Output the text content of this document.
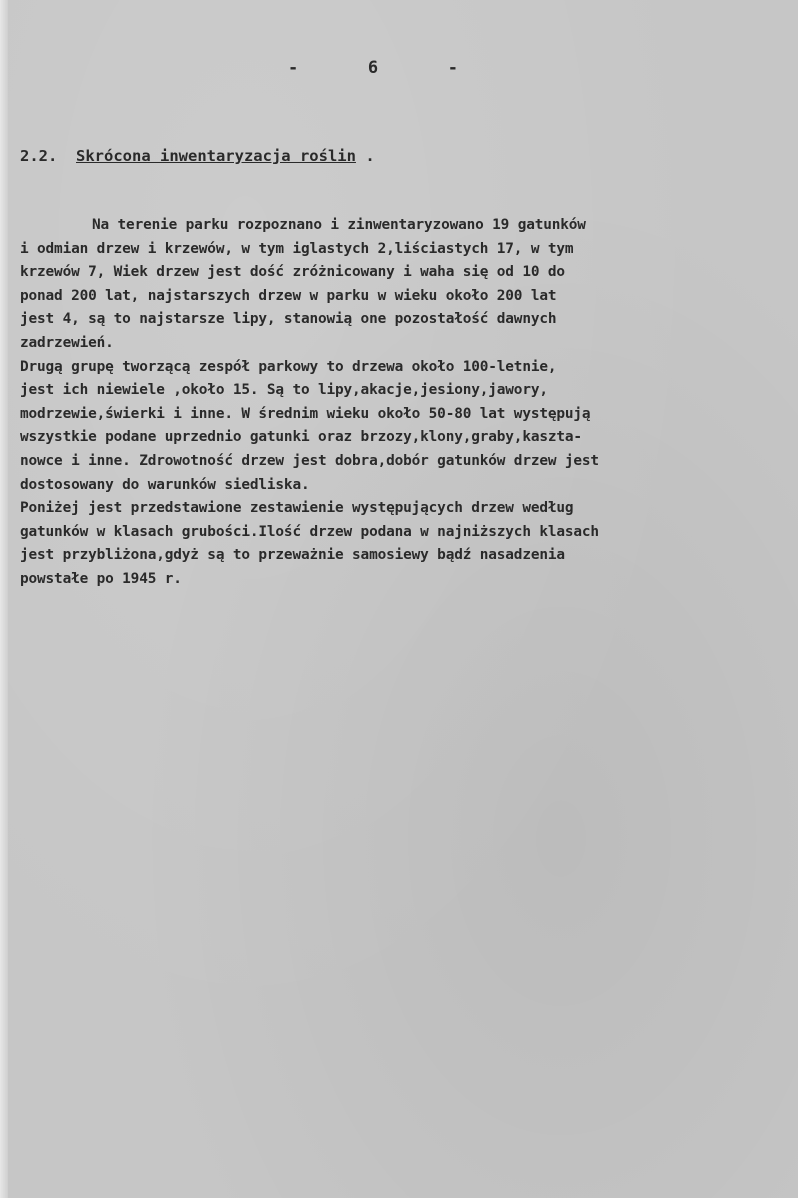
-	6	-
2.2. Skrócona inwentaryzacja roślin .
Na terenie parku rozpoznano i zinwentaryzowano 19 gatunków
i odmian drzew i krzewów, w tym iglastych 2,liściastych 17, w tym
krzewów 7, Wiek drzew jest dość zróżnicowany i waha się od 10 do
ponad 200 lat, najstarszych drzew w parku w wieku około 200 lat
jest 4, są to najstarsze lipy, stanowią one pozostałość dawnych
zadrzewień.
Drugą grupę tworzącą zespół parkowy to drzewa około 100-letnie,
jest ich niewiele ,około 15. Są to lipy,akacje,jesiony,jawory,
modrzewie,świerki i inne. W średnim wieku około 50-80 lat występują
wszystkie podane uprzednio gatunki oraz brzozy,klony,graby,kaszta-
nowce i inne. Zdrowotność drzew jest dobra,dobór gatunków drzew jest
dostosowany do warunków siedliska.
Poniżej jest przedstawione zestawienie występujących drzew według
gatunków w klasach grubości.Ilość drzew podana w najniższych klasach
jest przybliżona,gdyż są to przeważnie samosiewy bądź nasadzenia
powstałe po 1945 r.
